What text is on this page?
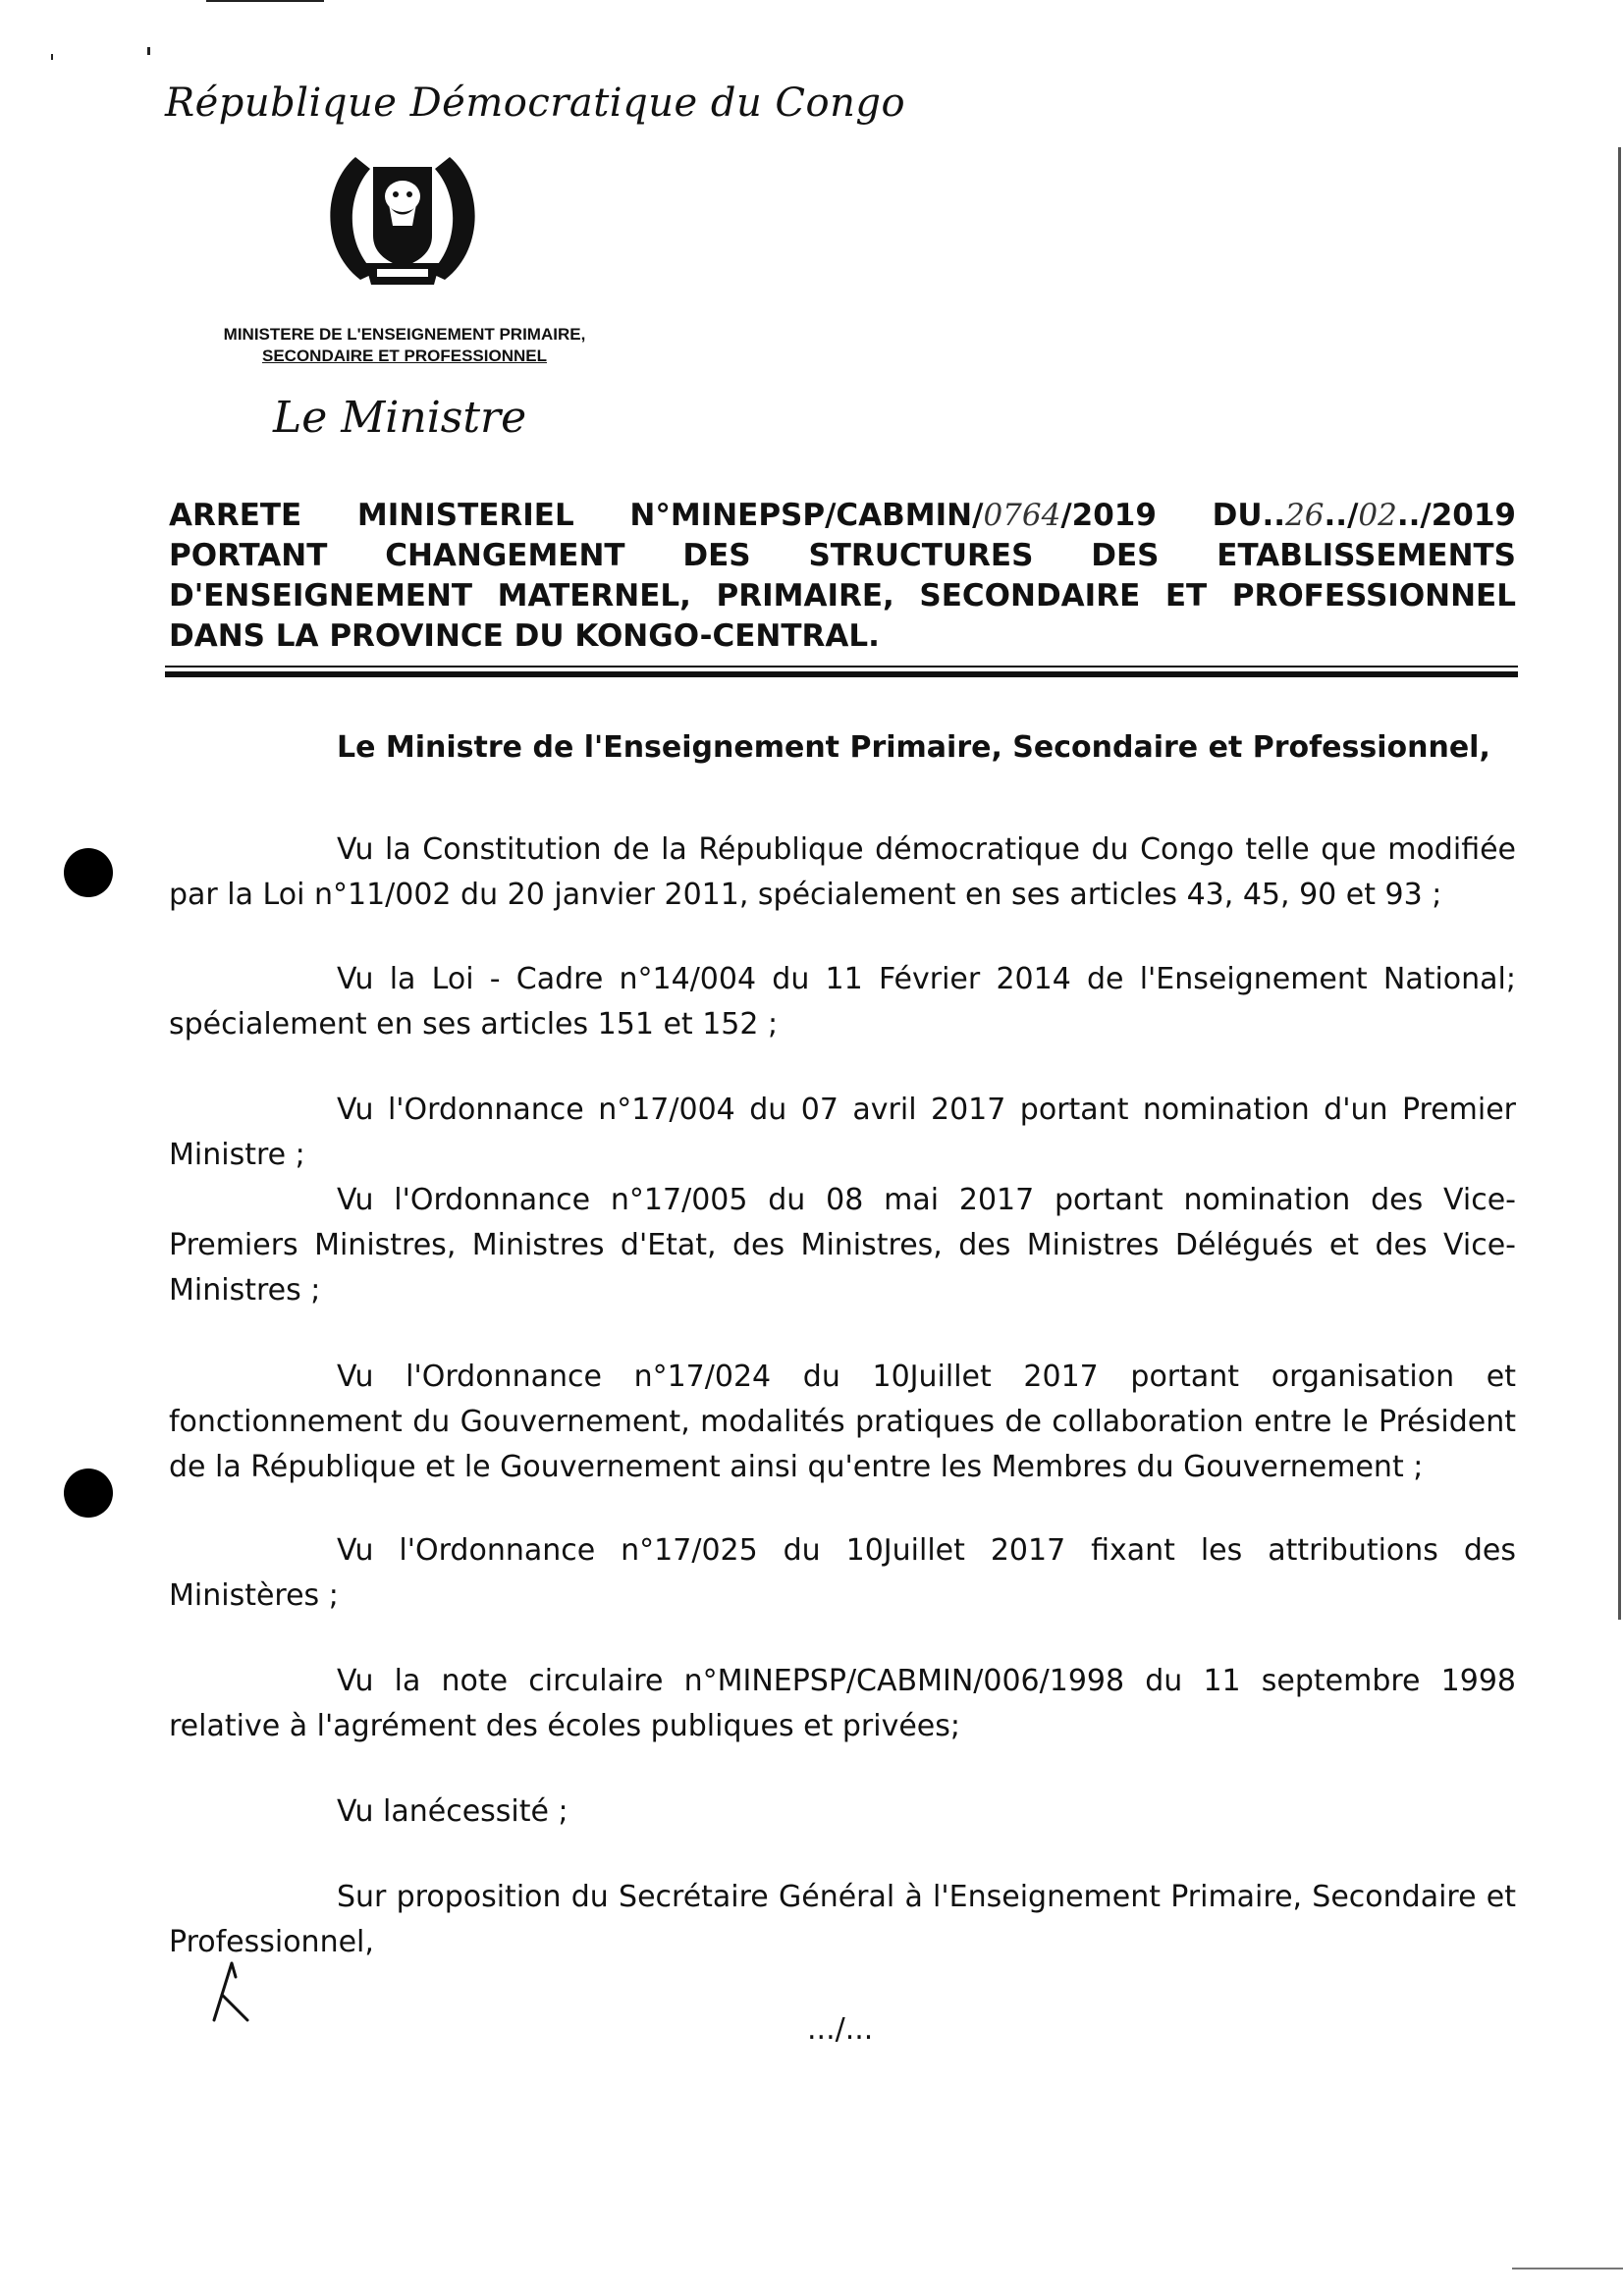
République Démocratique du Congo
MINISTERE DE L'ENSEIGNEMENT PRIMAIRE,
SECONDAIRE ET PROFESSIONNEL
Le Ministre
ARRETE MINISTERIEL N°MINEPSP/CABMIN/0764/2019 DU..26../02../2019
PORTANT CHANGEMENT DES STRUCTURES DES ETABLISSEMENTS
D'ENSEIGNEMENT MATERNEL, PRIMAIRE, SECONDAIRE ET PROFESSIONNEL
DANS LA PROVINCE DU KONGO-CENTRAL.
Le Ministre de l'Enseignement Primaire, Secondaire et Professionnel,

Vu la Constitution de la République démocratique du Congo telle que modifiée par la Loi n°11/002 du 20 janvier 2011, spécialement en ses articles 43, 45, 90 et 93 ;

Vu la Loi - Cadre n°14/004 du 11 Février 2014 de l'Enseignement National; spécialement en ses articles 151 et 152 ;

Vu l'Ordonnance n°17/004 du 07 avril 2017 portant nomination d'un Premier Ministre ;

Vu l'Ordonnance n°17/005 du 08 mai 2017 portant nomination des Vice-Premiers Ministres, Ministres d'Etat, des Ministres, des Ministres Délégués et des Vice-Ministres ;

Vu l'Ordonnance n°17/024 du 10Juillet 2017 portant organisation et fonctionnement du Gouvernement, modalités pratiques de collaboration entre le Président de la République et le Gouvernement ainsi qu'entre les Membres du Gouvernement ;

Vu l'Ordonnance n°17/025 du 10Juillet 2017 fixant les attributions des Ministères ;

Vu la note circulaire n°MINEPSP/CABMIN/006/1998 du 11 septembre 1998 relative à l'agrément des écoles publiques et privées;

Vu lanécessité ;

Sur proposition du Secrétaire Général à l'Enseignement Primaire, Secondaire et Professionnel,

.../...
